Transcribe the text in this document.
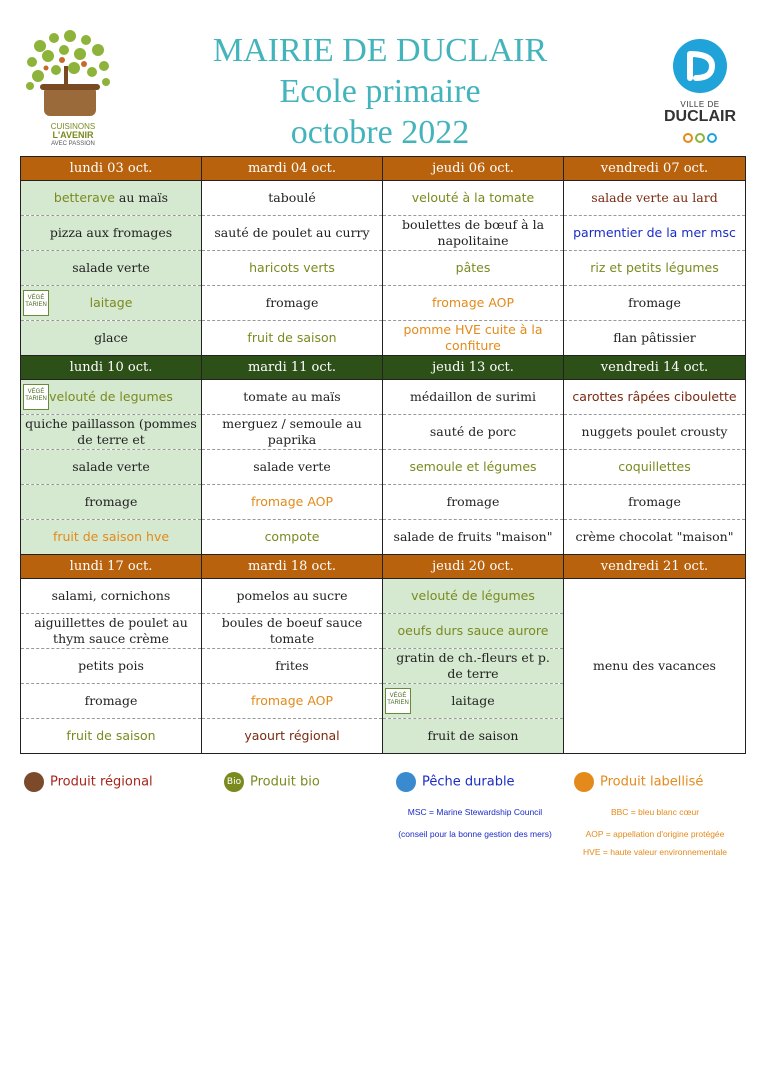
CUISINONS
L'AVENIR
AVEC PASSION
MAIRIE DE DUCLAIR
Ecole primaire
octobre 2022
VILLE DE
DUCLAIR
lundi 03 oct.	mardi 04 oct.	jeudi 06 oct.	vendredi 07 oct.
betterave au maïs	taboulé	velouté à la tomate	salade verte au lard
pizza aux fromages	sauté de poulet au curry	boulettes de bœuf à la napolitaine	parmentier de la mer msc
salade verte	haricots verts	pâtes	riz et petits légumes

VÉGÉ TARIEN laitage	fromage	fromage AOP	fromage
glace	fruit de saison	pomme HVE cuite à la confiture	flan pâtissier
lundi 10 oct.	mardi 11 oct.	jeudi 13 oct.	vendredi 14 oct.

VÉGÉ TARIEN velouté de legumes	tomate au maïs	médaillon de surimi	carottes râpées ciboulette
quiche paillasson (pommes de terre et	merguez / semoule au paprika	sauté de porc	nuggets poulet crousty
salade verte	salade verte	semoule et légumes	coquillettes
fromage	fromage AOP	fromage	fromage
fruit de saison hve	compote	salade de fruits "maison"	crème chocolat "maison"
lundi 17 oct.	mardi 18 oct.	jeudi 20 oct.	vendredi 21 oct.
salami, cornichons	pomelos au sucre	velouté de légumes	menu des vacances
aiguillettes de poulet au thym sauce crème	boules de boeuf sauce tomate	oeufs durs sauce aurore	
petits pois	frites	gratin de ch.-fleurs et p. de terre	
fromage	fromage AOP	VÉGÉ TARIEN laitage	
fruit de saison	yaourt régional	fruit de saison	
Produit régional	Bio Produit bio	Pêche durable	Produit labellisé
MSC = Marine Stewardship Council
(conseil pour la bonne gestion des mers)
BBC = bleu blanc cœur
AOP = appellation d'origine protégée
HVE = haute valeur environnementale
